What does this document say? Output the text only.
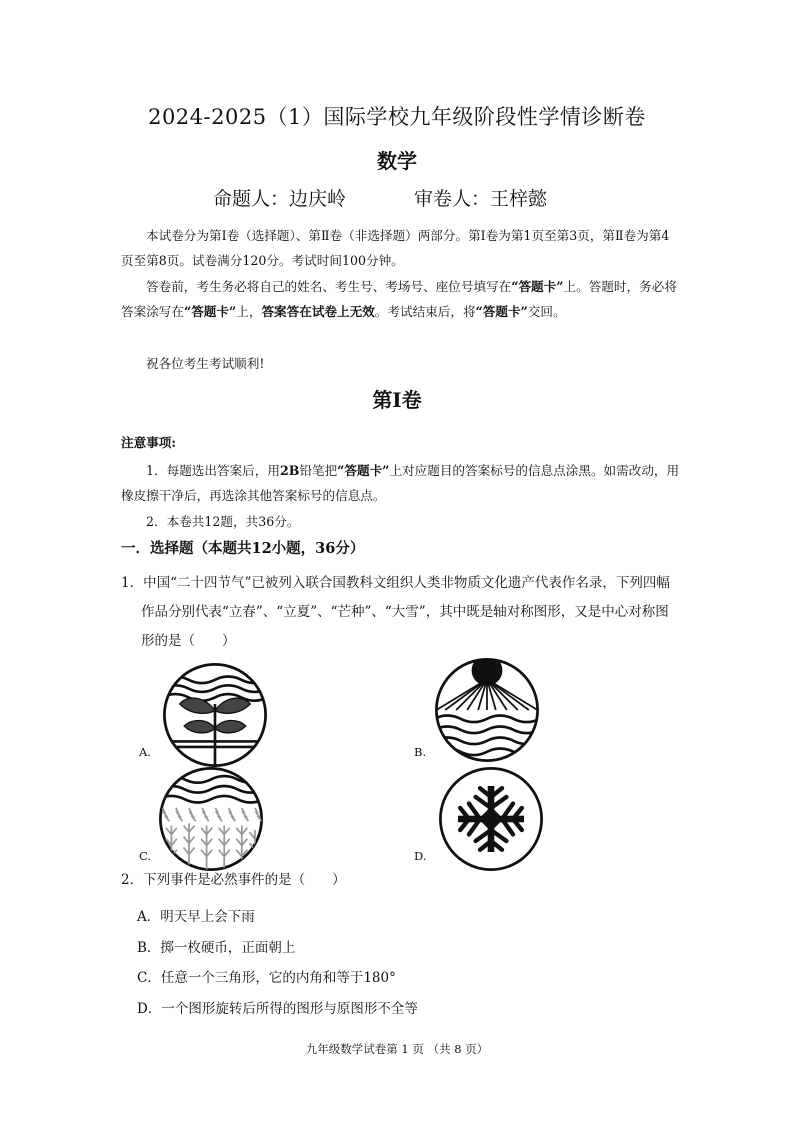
2024-2025（1）国际学校九年级阶段性学情诊断卷
数学
命题人：边庆岭	审卷人：王梓懿
本试卷分为第Ⅰ卷（选择题）、第Ⅱ卷（非选择题）两部分。第Ⅰ卷为第1页至第3页，第Ⅱ卷为第4页至第8页。试卷满分120分。考试时间100分钟。
答卷前，考生务必将自己的姓名、考生号、考场号、座位号填写在“答题卡”上。答题时，务必将答案涂写在“答题卡”上，答案答在试卷上无效。考试结束后，将“答题卡”交回。
祝各位考生考试顺利!
第Ⅰ卷
注意事项:
1．每题选出答案后，用2B铅笔把“答题卡”上对应题目的答案标号的信息点涂黑。如需改动，用橡皮擦干净后，再选涂其他答案标号的信息点。
2．本卷共12题，共36分。
一．选择题（本题共12小题，36分）
1．中国“二十四节气”已被列入联合国教科文组织人类非物质文化遗产代表作名录，下列四幅作品分别代表“立春”、“立夏”、“芒种”、“大雪”，其中既是轴对称图形，又是中心对称图形的是（　　）
A.	B.
C.	D.
2．下列事件是必然事件的是（　　）
A．明天早上会下雨
B．掷一枚硬币，正面朝上
C．任意一个三角形，它的内角和等于180°
D．一个图形旋转后所得的图形与原图形不全等
九年级数学试卷第 1 页 （共 8 页）
